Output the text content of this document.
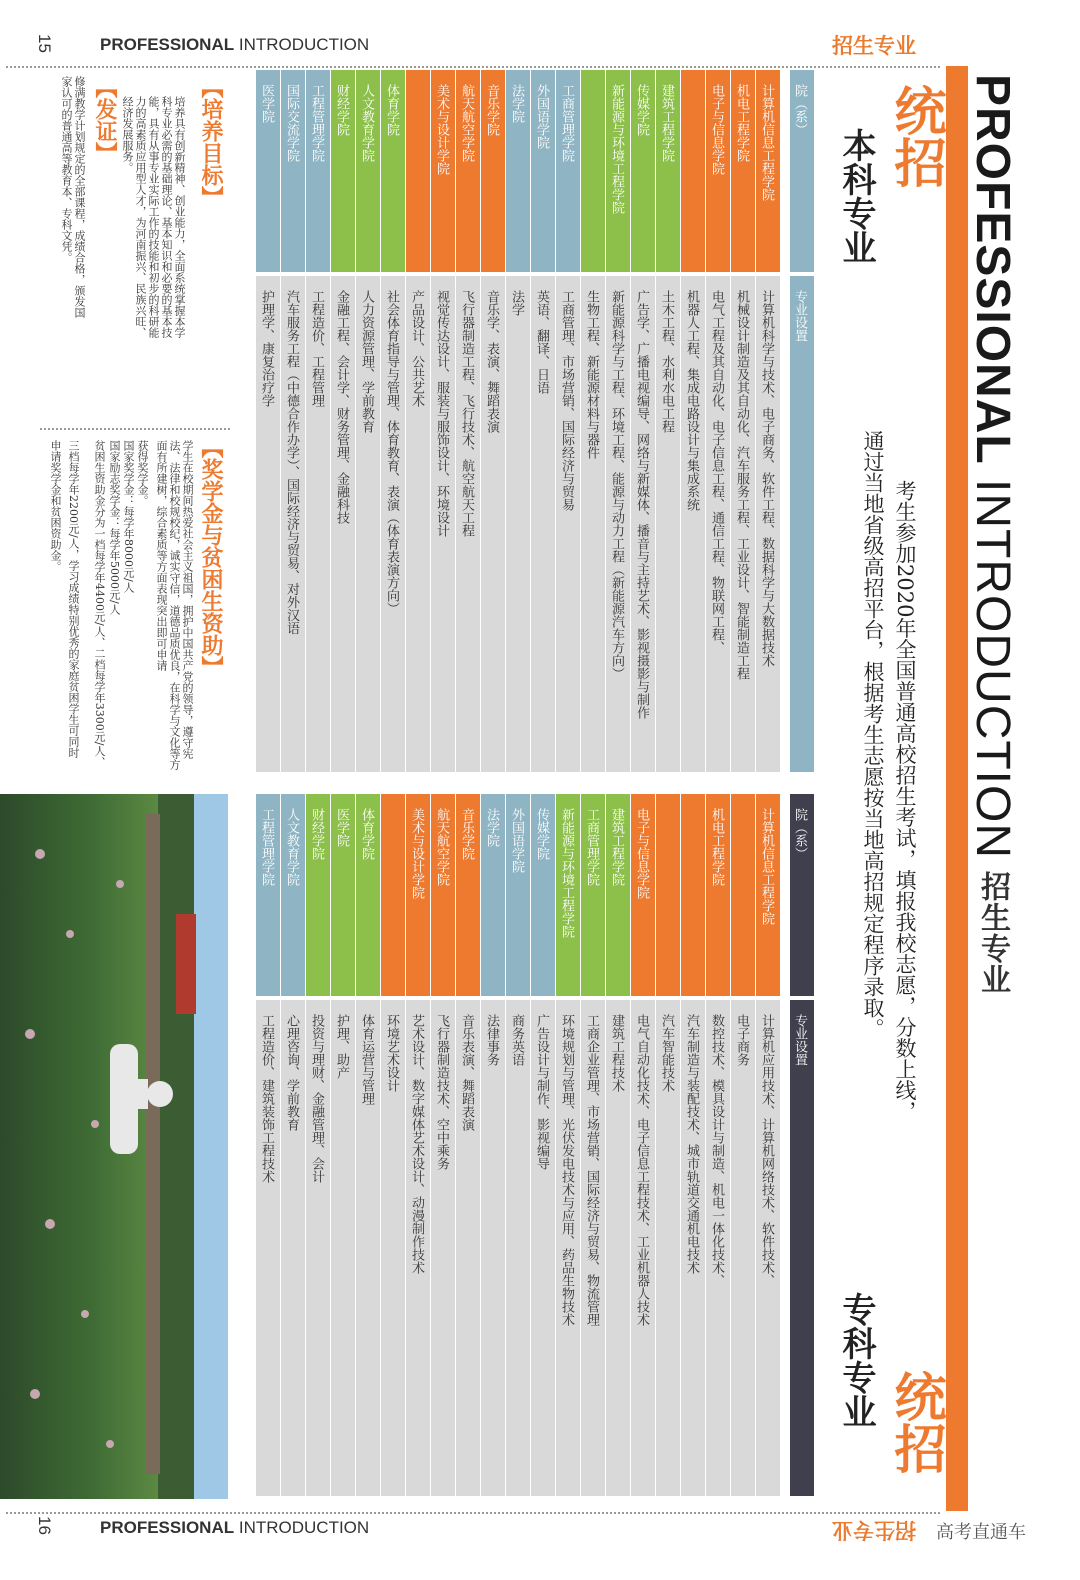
15	PROFESSIONAL INTRODUCTION	招生专业
PROFESSIONAL INTRODUCTION招生专业
考生参加2020年全国普通高校招生考试，填报我校志愿，分数上线，
通过当地省级高招平台，根据考生志愿按当地高招规定程序录取。
统招
本科专业
院（系）
专业设置
计算机信息工程学院
计算机科学与技术、电子商务、软件工程、数据科学与大数据技术
机电工程学院
机械设计制造及其自动化、汽车服务工程、工业设计、智能制造工程
电子与信息学院
电气工程及其自动化、电子信息工程、通信工程、物联网工程、
机器人工程、集成电路设计与集成系统
建筑工程学院
土木工程、水利水电工程
传媒学院
广告学、广播电视编导、网络与新媒体、播音与主持艺术、影视摄影与制作
新能源与环境工程学院
新能源科学与工程、环境工程、能源与动力工程（新能源汽车方向）
生物工程、新能源材料与器件
工商管理学院
工商管理、市场营销、国际经济与贸易
外国语学院
英语、翻译、日语
法学院
法学
音乐学院
音乐学、表演、舞蹈表演
航天航空学院
飞行器制造工程、飞行技术、航空航天工程
美术与设计学院
视觉传达设计、服装与服饰设计、环境设计
产品设计、公共艺术
体育学院
社会体育指导与管理、体育教育、表演（体育表演方向）
人文教育学院
人力资源管理、学前教育
财经学院
金融工程、会计学、财务管理、金融科技
工程管理学院
工程造价、工程管理
国际交流学院
汽车服务工程（中德合作办学）、国际经济与贸易、对外汉语
医学院
护理学、康复治疗学
统招
专科专业
院（系）
专业设置
计算机信息工程学院
计算机应用技术、计算机网络技术、软件技术、
电子商务
机电工程学院
数控技术、模具设计与制造、机电一体化技术、
汽车制造与装配技术、城市轨道交通机电技术
汽车智能技术
电子与信息学院
电气自动化技术、电子信息工程技术、工业机器人技术
建筑工程学院
建筑工程技术
工商管理学院
工商企业管理、市场营销、国际经济与贸易、物流管理
新能源与环境工程学院
环境规划与管理、光伏发电技术与应用、药品生物技术
传媒学院
广告设计与制作、影视编导
外国语学院
商务英语
法学院
法律事务
音乐学院
音乐表演、舞蹈表演
航天航空学院
飞行器制造技术、空中乘务
美术与设计学院
艺术设计、数字媒体艺术设计、动漫制作技术
环境艺术设计
体育学院
体育运营与管理
医学院
护理、助产
财经学院
投资与理财、金融管理、会计
人文教育学院
心理咨询、学前教育
工程管理学院
工程造价、建筑装饰工程技术
【培养目标】
培养具有创新精神、创业能力，全面系统掌握本学科专业必需的基础理论、基本知识和必要的基本技能，具有从事专业实际工作的技能和初步的科研能力的高素质应用型人才，为河南振兴、民族兴旺、经济发展服务。
【发证】
修满教学计划规定的全部课程，成绩合格，颁发国家认可的普通高等教育本、专科文凭。
【奖学金与贫困生资助】
学生在校期间热爱社会主义祖国，拥护中国共产党的领导，遵守宪法、法律和校规校纪，诚实守信，道德品质优良，在科学与文化等方面有所建树，综合素质等方面表现突出即可申请
获得奖学金。
国家奖学金：每学年8000元/人
国家励志奖学金：每学年5000元/人
贫困生资助金分为一档每学年4400元/人、二档每学年3300元/人、
三档每学年2200元/人，学习成绩特别优秀的家庭贫困学生可同时
申请奖学金和贫困资助金。
16	PROFESSIONAL INTRODUCTION	招生专业 高考直通车
